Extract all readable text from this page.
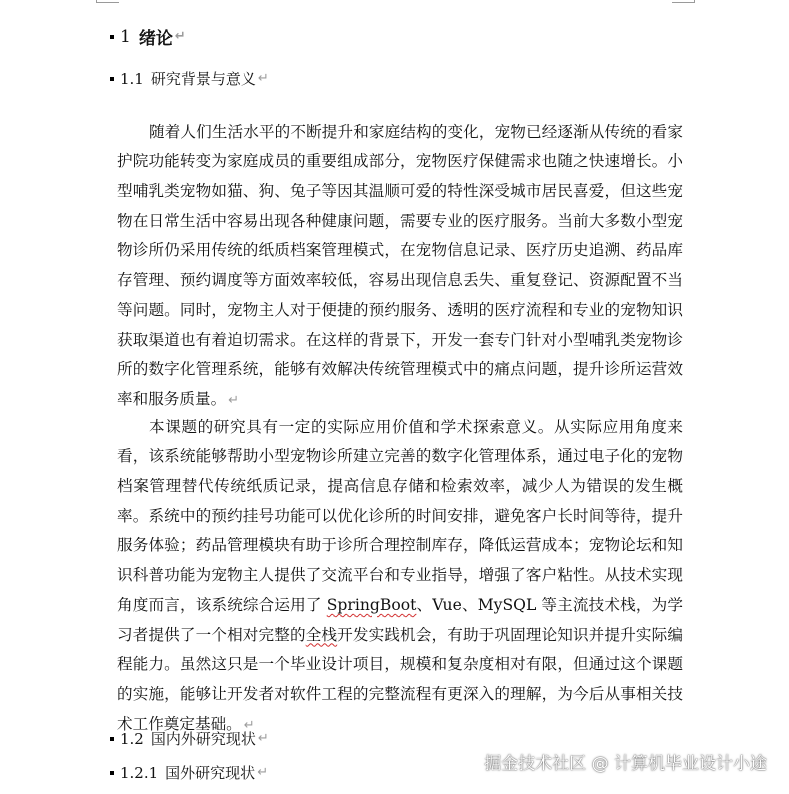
1 绪论 ↵
1.1 研究背景与意义 ↵

随着人们生活水平的不断提升和家庭结构的变化，宠物已经逐渐从传统的看家护院功能转变为家庭成员的重要组成部分，宠物医疗保健需求也随之快速增长。小型哺乳类宠物如猫、狗、兔子等因其温顺可爱的特性深受城市居民喜爱，但这些宠物在日常生活中容易出现各种健康问题，需要专业的医疗服务。当前大多数小型宠物诊所仍采用传统的纸质档案管理模式，在宠物信息记录、医疗历史追溯、药品库存管理、预约调度等方面效率较低，容易出现信息丢失、重复登记、资源配置不当等问题。同时，宠物主人对于便捷的预约服务、透明的医疗流程和专业的宠物知识获取渠道也有着迫切需求。在这样的背景下，开发一套专门针对小型哺乳类宠物诊所的数字化管理系统，能够有效解决传统管理模式中的痛点问题，提升诊所运营效率和服务质量。 ↵

本课题的研究具有一定的实际应用价值和学术探索意义。从实际应用角度来看，该系统能够帮助小型宠物诊所建立完善的数字化管理体系，通过电子化的宠物档案管理替代传统纸质记录，提高信息存储和检索效率，减少人为错误的发生概率。系统中的预约挂号功能可以优化诊所的时间安排，避免客户长时间等待，提升服务体验；药品管理模块有助于诊所合理控制库存，降低运营成本；宠物论坛和知识科普功能为宠物主人提供了交流平台和专业指导，增强了客户粘性。从技术实现角度而言，该系统综合运用了 SpringBoot、Vue、MySQL 等主流技术栈，为学习者提供了一个相对完整的全栈开发实践机会，有助于巩固理论知识并提升实际编程能力。虽然这只是一个毕业设计项目，规模和复杂度相对有限，但通过这个课题的实施，能够让开发者对软件工程的完整流程有更深入的理解，为今后从事相关技术工作奠定基础。 ↵

1.2 国内外研究现状 ↵
1.2.1 国外研究现状 ↵	掘金技术社区 @ 计算机毕业设计小途
